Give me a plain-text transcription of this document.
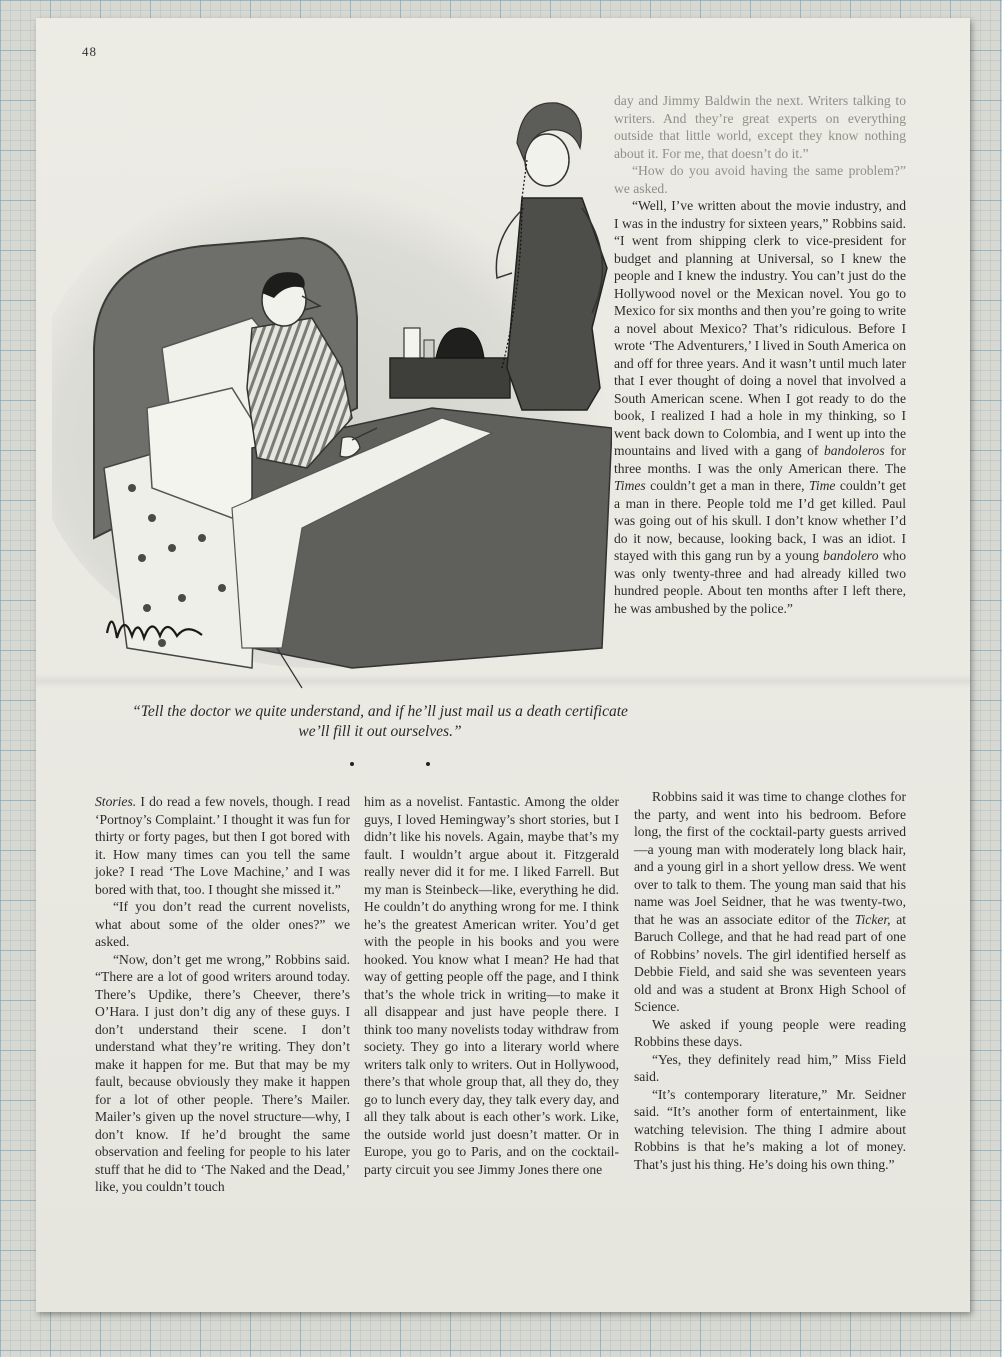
48
“Tell the doctor we quite understand, and if he’ll just mail us a death certificate we’ll fill it out ourselves.”

day and Jimmy Baldwin the next. Writers talking to writers. And they’re great experts on everything outside that little world, except they know nothing about it. For me, that doesn’t do it.”

“How do you avoid having the same problem?” we asked.

“Well, I’ve written about the movie industry, and I was in the industry for sixteen years,” Robbins said. “I went from shipping clerk to vice-president for budget and planning at Universal, so I knew the people and I knew the industry. You can’t just do the Hollywood novel or the Mexican novel. You go to Mexico for six months and then you’re going to write a novel about Mexico? That’s ridiculous. Before I wrote ‘The Adventurers,’ I lived in South America on and off for three years. And it wasn’t until much later that I ever thought of doing a novel that involved a South American scene. When I got ready to do the book, I realized I had a hole in my thinking, so I went back down to Colombia, and I went up into the mountains and lived with a gang of bandoleros for three months. I was the only American there. The Times couldn’t get a man in there, Time couldn’t get a man in there. People told me I’d get killed. Paul was going out of his skull. I don’t know whether I’d do it now, because, looking back, I was an idiot. I stayed with this gang run by a young bandolero who was only twenty-three and had already killed two hundred people. About ten months after I left there, he was ambushed by the police.”

Stories. I do read a few novels, though. I read ‘Portnoy’s Complaint.’ I thought it was fun for thirty or forty pages, but then I got bored with it. How many times can you tell the same joke? I read ‘The Love Machine,’ and I was bored with that, too. I thought she missed it.”

“If you don’t read the current novelists, what about some of the older ones?” we asked.

“Now, don’t get me wrong,” Robbins said. “There are a lot of good writers around today. There’s Updike, there’s Cheever, there’s O’Hara. I just don’t dig any of these guys. I don’t understand their scene. I don’t understand what they’re writing. They don’t make it happen for me. But that may be my fault, because obviously they make it happen for a lot of other people. There’s Mailer. Mailer’s given up the novel structure—why, I don’t know. If he’d brought the same observation and feeling for people to his later stuff that he did to ‘The Naked and the Dead,’ like, you couldn’t touch

him as a novelist. Fantastic. Among the older guys, I loved Hemingway’s short stories, but I didn’t like his novels. Again, maybe that’s my fault. I wouldn’t argue about it. Fitzgerald really never did it for me. I liked Farrell. But my man is Steinbeck—like, everything he did. He couldn’t do anything wrong for me. I think he’s the greatest American writer. You’d get with the people in his books and you were hooked. You know what I mean? He had that way of getting people off the page, and I think that’s the whole trick in writing—to make it all disappear and just have people there. I think too many novelists today withdraw from society. They go into a literary world where writers talk only to writers. Out in Hollywood, there’s that whole group that, all they do, they go to lunch every day, they talk every day, and all they talk about is each other’s work. Like, the outside world just doesn’t matter. Or in Europe, you go to Paris, and on the cocktail-party circuit you see Jimmy Jones there one

Robbins said it was time to change clothes for the party, and went into his bedroom. Before long, the first of the cocktail-party guests arrived—a young man with moderately long black hair, and a young girl in a short yellow dress. We went over to talk to them. The young man said that his name was Joel Seidner, that he was twenty-two, that he was an associate editor of the Ticker, at Baruch College, and that he had read part of one of Robbins’ novels. The girl identified herself as Debbie Field, and said she was seventeen years old and was a student at Bronx High School of Science.

We asked if young people were reading Robbins these days.

“Yes, they definitely read him,” Miss Field said.

“It’s contemporary literature,” Mr. Seidner said. “It’s another form of entertainment, like watching television. The thing I admire about Robbins is that he’s making a lot of money. That’s just his thing. He’s doing his own thing.”
